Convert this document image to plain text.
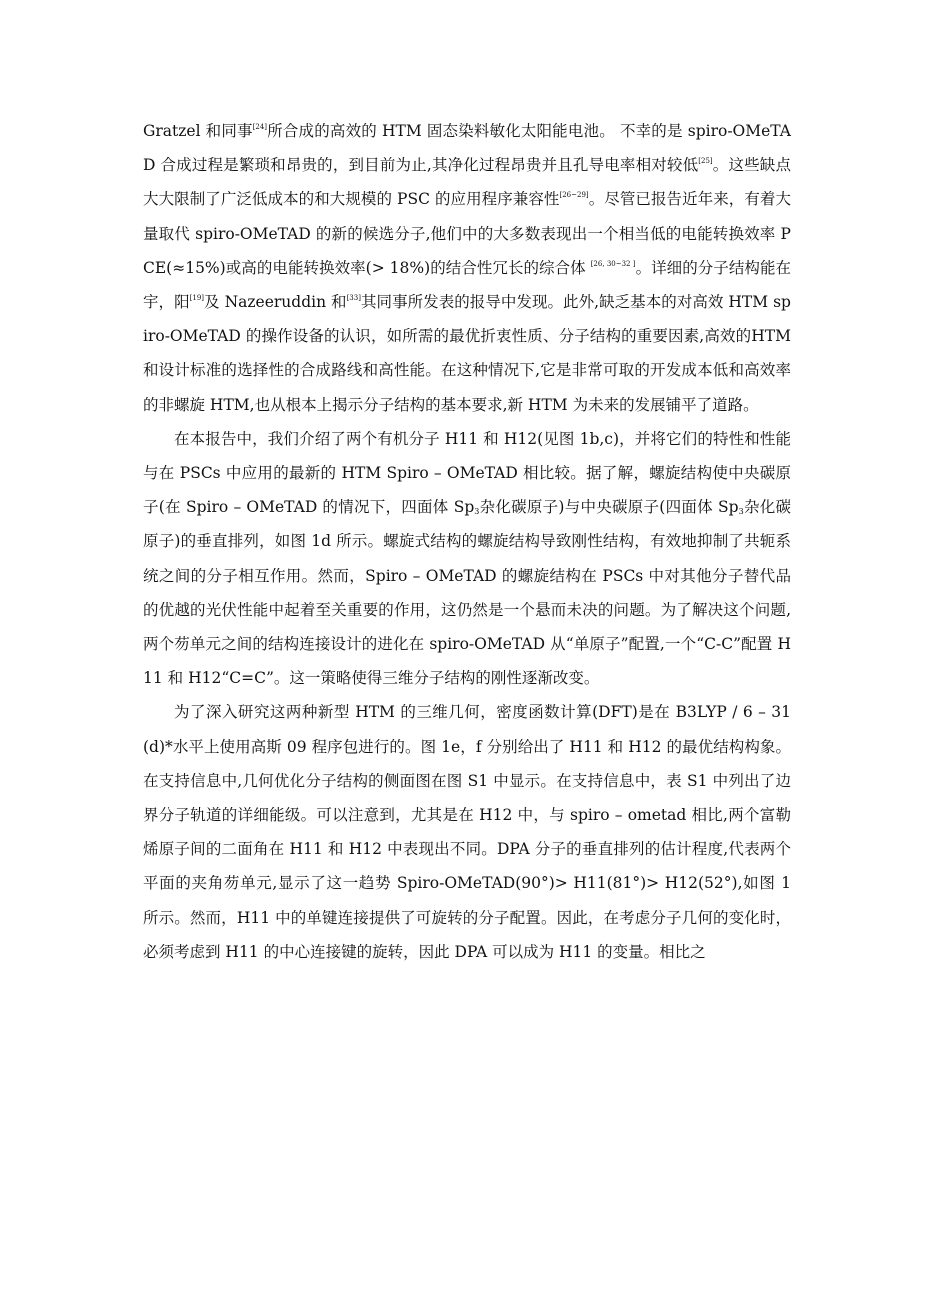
Gratzel 和同事[24]所合成的高效的 HTM 固态染料敏化太阳能电池。 不幸的是 spiro-OMeTAD 合成过程是繁琐和昂贵的，到目前为止,其净化过程昂贵并且孔导电率相对较低[25]。这些缺点大大限制了广泛低成本的和大规模的 PSC 的应用程序兼容性[26~29]。尽管已报告近年来，有着大量取代 spiro-OMeTAD 的新的候选分子,他们中的大多数表现出一个相当低的电能转换效率 PCE(≈15%)或高的电能转换效率(> 18%)的结合性冗长的综合体 [26, 30~32 ]。详细的分子结构能在宇，阳[19]及 Nazeeruddin 和[33]其同事所发表的报导中发现。此外,缺乏基本的对高效 HTM spiro-OMeTAD 的操作设备的认识，如所需的最优折衷性质、分子结构的重要因素,高效的HTM和设计标准的选择性的合成路线和高性能。在这种情况下,它是非常可取的开发成本低和高效率的非螺旋 HTM,也从根本上揭示分子结构的基本要求,新 HTM 为未来的发展铺平了道路。

在本报告中，我们介绍了两个有机分子 H11 和 H12(见图 1b,c)，并将它们的特性和性能与在 PSCs 中应用的最新的 HTM Spiro – OMeTAD 相比较。据了解，螺旋结构使中央碳原子(在 Spiro – OMeTAD 的情况下，四面体 $Sp_3$杂化碳原子)与中央碳原子(四面体 $Sp_3$杂化碳原子)的垂直排列，如图 1d 所示。螺旋式结构的螺旋结构导致刚性结构，有效地抑制了共轭系统之间的分子相互作用。然而，Spiro – OMeTAD 的螺旋结构在 PSCs 中对其他分子替代品的优越的光伏性能中起着至关重要的作用，这仍然是一个悬而未决的问题。为了解决这个问题,两个芴单元之间的结构连接设计的进化在 spiro-OMeTAD 从“单原子”配置,一个“C-C”配置 H11 和 H12“C=C”。这一策略使得三维分子结构的刚性逐渐改变。

为了深入研究这两种新型 HTM 的三维几何，密度函数计算(DFT)是在 B3LYP / 6 – 31(d)*水平上使用高斯 09 程序包进行的。图 1e，f 分别给出了 H11 和 H12 的最优结构构象。在支持信息中,几何优化分子结构的侧面图在图 S1 中显示。在支持信息中，表 S1 中列出了边界分子轨道的详细能级。可以注意到，尤其是在 H12 中，与 spiro – ometad 相比,两个富勒烯原子间的二面角在 H11 和 H12 中表现出不同。DPA 分子的垂直排列的估计程度,代表两个平面的夹角芴单元,显示了这一趋势 Spiro-OMeTAD(90°)> H11(81°)> H12(52°),如图 1 所示。然而，H11 中的单键连接提供了可旋转的分子配置。因此，在考虑分子几何的变化时，必须考虑到 H11 的中心连接键的旋转，因此 DPA 可以成为 H11 的变量。相比之
